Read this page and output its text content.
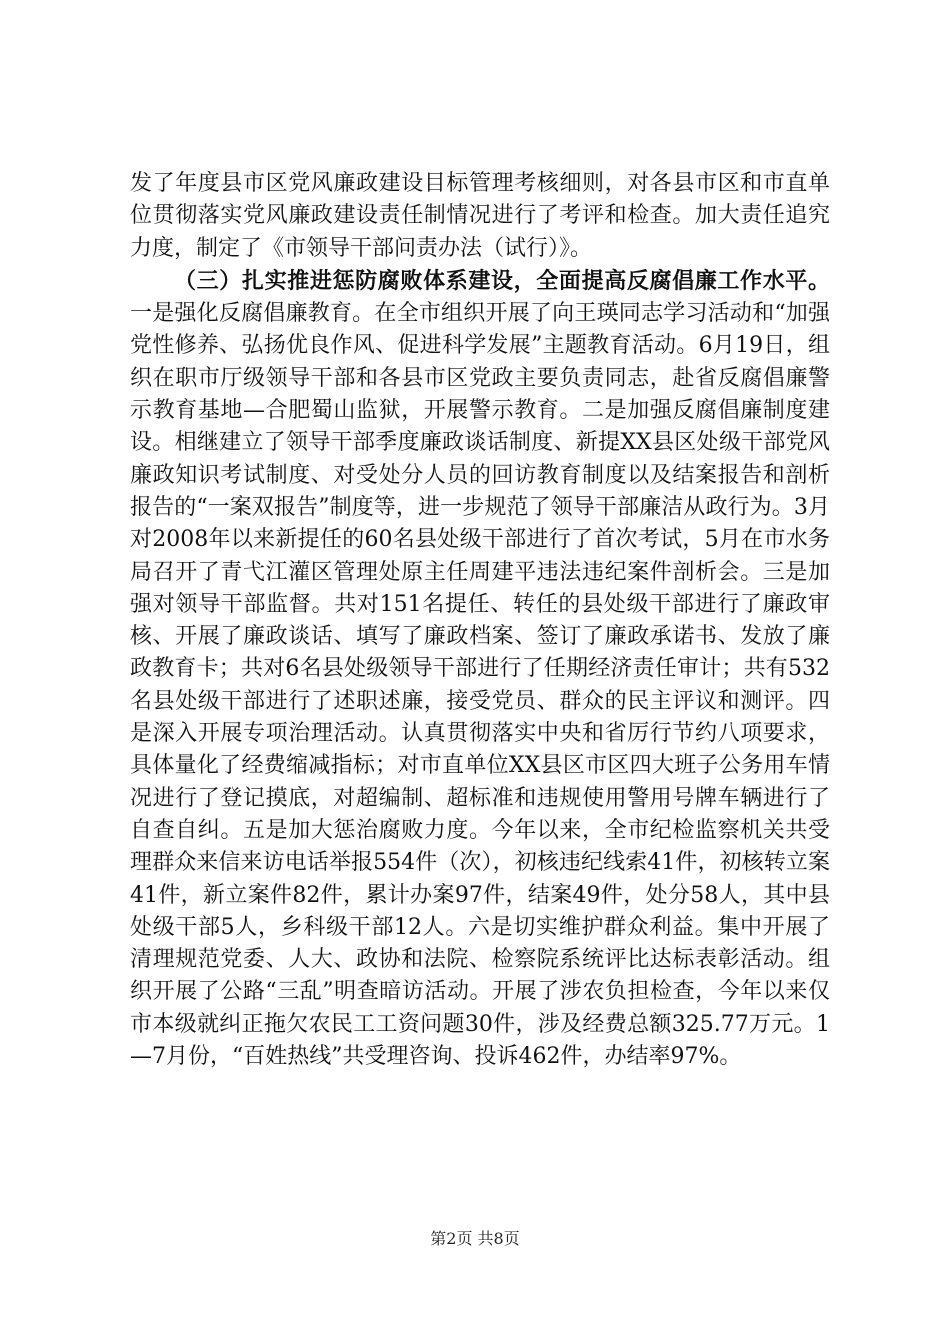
发了年度县市区党风廉政建设目标管理考核细则，对各县市区和市直单位贯彻落实党风廉政建设责任制情况进行了考评和检查。加大责任追究力度，制定了《市领导干部问责办法（试行）》。

（三）扎实推进惩防腐败体系建设，全面提高反腐倡廉工作水平。一是强化反腐倡廉教育。在全市组织开展了向王瑛同志学习活动和“加强党性修养、弘扬优良作风、促进科学发展”主题教育活动。6月19日，组织在职市厅级领导干部和各县市区党政主要负责同志，赴省反腐倡廉警示教育基地—合肥蜀山监狱，开展警示教育。二是加强反腐倡廉制度建设。相继建立了领导干部季度廉政谈话制度、新提XX县区处级干部党风廉政知识考试制度、对受处分人员的回访教育制度以及结案报告和剖析报告的“一案双报告”制度等，进一步规范了领导干部廉洁从政行为。3月对2008年以来新提任的60名县处级干部进行了首次考试，5月在市水务局召开了青弋江灌区管理处原主任周建平违法违纪案件剖析会。三是加强对领导干部监督。共对151名提任、转任的县处级干部进行了廉政审核、开展了廉政谈话、填写了廉政档案、签订了廉政承诺书、发放了廉政教育卡；共对6名县处级领导干部进行了任期经济责任审计；共有532名县处级干部进行了述职述廉，接受党员、群众的民主评议和测评。四是深入开展专项治理活动。认真贯彻落实中央和省厉行节约八项要求，具体量化了经费缩减指标；对市直单位XX县区市区四大班子公务用车情况进行了登记摸底，对超编制、超标准和违规使用警用号牌车辆进行了自查自纠。五是加大惩治腐败力度。今年以来，全市纪检监察机关共受理群众来信来访电话举报554件（次），初核违纪线索41件，初核转立案41件，新立案件82件，累计办案97件，结案49件，处分58人，其中县处级干部5人，乡科级干部12人。六是切实维护群众利益。集中开展了清理规范党委、人大、政协和法院、检察院系统评比达标表彰活动。组织开展了公路“三乱”明查暗访活动。开展了涉农负担检查，今年以来仅市本级就纠正拖欠农民工工资问题30件，涉及经费总额325.77万元。1—7月份，“百姓热线”共受理咨询、投诉462件，办结率97%。

第2页 共8页
